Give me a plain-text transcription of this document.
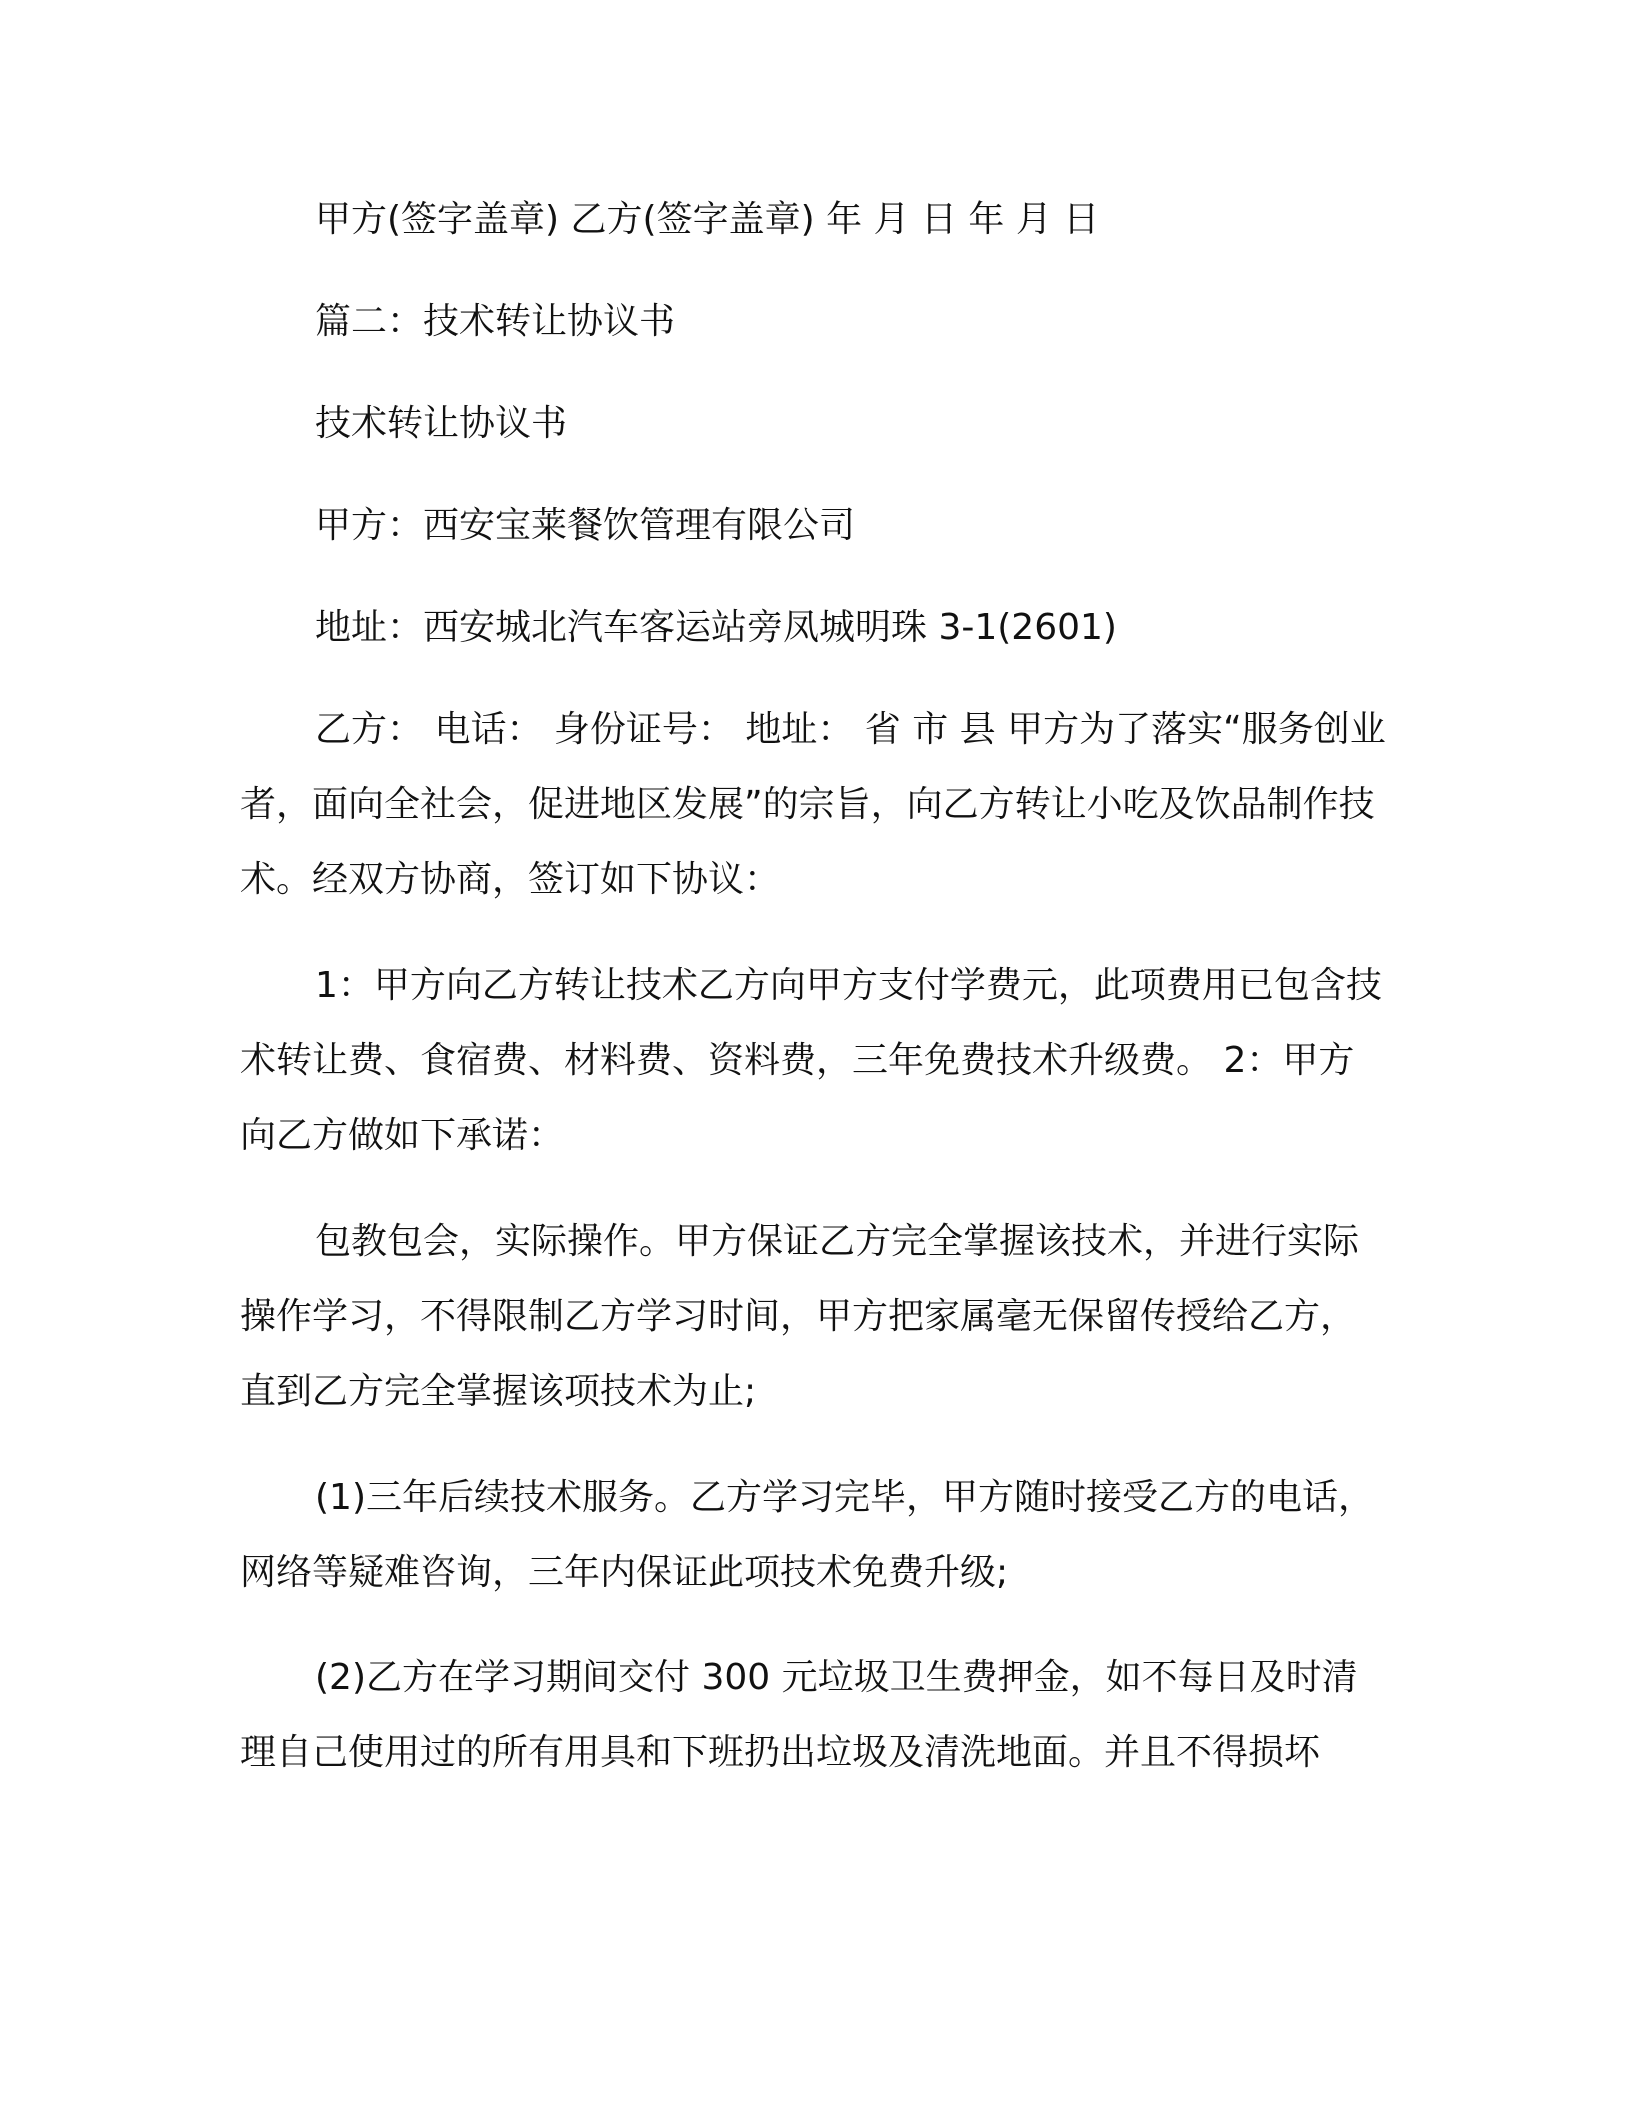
甲方(签字盖章) 乙方(签字盖章) 年 月 日 年 月 日

篇二：技术转让协议书

技术转让协议书

甲方：西安宝莱餐饮管理有限公司

地址：西安城北汽车客运站旁凤城明珠 3-1(2601)

乙方： 电话： 身份证号： 地址： 省 市 县 甲方为了落实“服务创业者，面向全社会，促进地区发展”的宗旨，向乙方转让小吃及饮品制作技术。经双方协商，签订如下协议：

1：甲方向乙方转让技术乙方向甲方支付学费元，此项费用已包含技术转让费、食宿费、材料费、资料费，三年免费技术升级费。 2：甲方向乙方做如下承诺：

包教包会，实际操作。甲方保证乙方完全掌握该技术，并进行实际操作学习，不得限制乙方学习时间，甲方把家属毫无保留传授给乙方，直到乙方完全掌握该项技术为止;

(1)三年后续技术服务。乙方学习完毕，甲方随时接受乙方的电话，网络等疑难咨询，三年内保证此项技术免费升级;

(2)乙方在学习期间交付 300 元垃圾卫生费押金，如不每日及时清理自己使用过的所有用具和下班扔出垃圾及清洗地面。并且不得损坏
